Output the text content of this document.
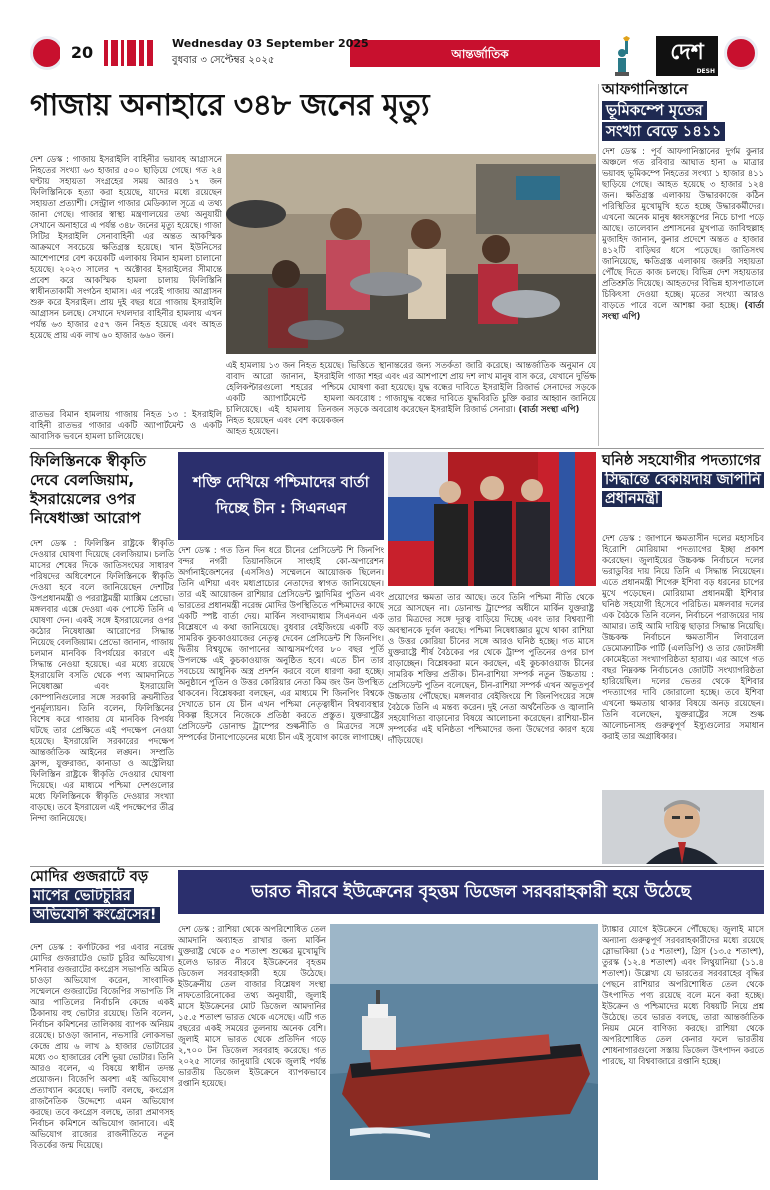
20	Wednesday 03 September 2025
বুধবার ৩ সেপ্টেম্বর ২০২৫	আন্তর্জাতিক	দেশ
DESH
গাজায় অনাহারে ৩৪৮ জনের মৃত্যু
দেশ ডেস্ক : গাজায় ইসরাইলি বাহিনীর ভয়াবহ আগ্রাসনে নিহতের সংখ্যা ৬৩ হাজার ৫০০ ছাড়িয়ে গেছে। গত ২৪ ঘণ্টায় সহায়তা সংগ্রহের সময় আরও ১৭ জন ফিলিস্তিনিকে হত্যা করা হয়েছে, যাদের মধ্যে রয়েছেন সহায়তা প্রত্যাশী। সেন্ট্রাল গাজার মেডিক্যাল সূত্রে এ তথ্য জানা গেছে। গাজার স্বাস্থ্য মন্ত্রণালয়ের তথ্য অনুযায়ী সেখানে অনাহারে এ পর্যন্ত ৩৪৮ জনের মৃত্যু হয়েছে। গাজা সিটির ইসরাইলি সেনাবাহিনী এর অন্তত আকস্মিক আক্রমণে সবচেয়ে ক্ষতিগ্রস্ত হয়েছে। খান ইউনিসের আশেপাশের বেশ কয়েকটি এলাকায় বিমান হামলা চালানো হয়েছে। ২০২৩ সালের ৭ অক্টোবর ইসরাইলের সীমান্তে প্রবেশ করে আকস্মিক হামলা চালায় ফিলিস্তিনি স্বাধীনতাকামী সংগঠন হামাস। এর পরেই গাজায় আগ্রাসন শুরু করে ইসরাইল। প্রায় দুই বছর ধরে গাজায় ইসরাইলি আগ্রাসন চলছে। সেখানে দখলদার বাহিনীর হামলায় এখন পর্যন্ত ৬৩ হাজার ৫৫৭ জন নিহত হয়েছে এবং আহত হয়েছে প্রায় এক লাখ ৬০ হাজার ৬৬০ জন।
রাতভর বিমান হামলায় গাজায় নিহত ১৩ : ইসরাইলি বাহিনী রাতভর গাজার একটি অ্যাপার্টমেন্ট ও একটি আবাসিক ভবনে হামলা চালিয়েছে।
এই হামলায় ১৩ জন নিহত হয়েছে। বাবাদ আরো জানান, ইসরাইলি হেলিকপ্টারগুলো শহরের পশ্চিমে একটি অ্যাপার্টমেন্টে হামলা চালিয়েছে। এই হামলায় তিনজন নিহত হয়েছেন এবং বেশ কয়েকজন আহত হয়েছেন।
ভিত্তিতে স্থানান্তরের জন্য সতর্কতা জারি করেছে। আন্তর্জাতিক অনুমান যে গাজা শহর এবং এর আশপাশে প্রায় দশ লাখ মানুষ বাস করে, যেখানে দুর্ভিক্ষ ঘোষণা করা হয়েছে। যুদ্ধ বন্ধের দাবিতে ইসরাইলি রিজার্ভ সেনাদের সড়কে অবরোধ : গাজাযুদ্ধ বন্ধের দাবিতে যুদ্ধবিরতি চুক্তি করার আহ্বান জানিয়ে সড়কে অবরোধ করেছেন ইসরাইলি রিজার্ভ সেনারা। (বার্তা সংস্থা এপি)
আফগানিস্তানে
ভূমিকম্পে মৃতের
সংখ্যা বেড়ে ১৪১১
দেশ ডেস্ক : পূর্ব আফগানিস্তানের দুর্গম কুনার অঞ্চলে গত রবিবার আঘাত হানা ৬ মাত্রার ভয়াবহ ভূমিকম্পে নিহতের সংখ্যা ১ হাজার ৪১১ ছাড়িয়ে গেছে। আহত হয়েছে ৩ হাজার ১২৪ জন। ক্ষতিগ্রস্ত এলাকায় উদ্ধারকাজে কঠিন পরিস্থিতির মুখোমুখি হতে হচ্ছে উদ্ধারকর্মীদের। এখনো অনেক মানুষ ধ্বংসস্তূপের নিচে চাপা পড়ে আছে। তালেবান প্রশাসনের মুখপাত্র জাবিহুল্লাহ মুজাহিদ জানান, কুনার প্রদেশে অন্তত ৫ হাজার ৪১২টি বাড়িঘর ধসে পড়েছে। জাতিসংঘ জানিয়েছে, ক্ষতিগ্রস্ত এলাকায় জরুরি সহায়তা পৌঁছে দিতে কাজ চলছে। বিভিন্ন দেশ সহায়তার প্রতিশ্রুতি দিয়েছে। আহতদের বিভিন্ন হাসপাতালে চিকিৎসা দেওয়া হচ্ছে। মৃতের সংখ্যা আরও বাড়তে পারে বলে আশঙ্কা করা হচ্ছে। (বার্তা সংস্থা এপি)
ফিলিস্তিনকে স্বীকৃতি দেবে বেলজিয়াম, ইসরায়েলের ওপর নিষেধাজ্ঞা আরোপ
দেশ ডেস্ক : ফিলিস্তিন রাষ্ট্রকে স্বীকৃতি দেওয়ার ঘোষণা দিয়েছে বেলজিয়াম। চলতি মাসের শেষের দিকে জাতিসংঘের সাধারণ পরিষদের অধিবেশনে ফিলিস্তিনকে স্বীকৃতি দেওয়া হবে বলে জানিয়েছেন দেশটির উপপ্রধানমন্ত্রী ও পররাষ্ট্রমন্ত্রী ম্যাক্সিম প্রেভো। মঙ্গলবার এক্সে দেওয়া এক পোস্টে তিনি এ ঘোষণা দেন। একই সঙ্গে ইসরায়েলের ওপর কঠোর নিষেধাজ্ঞা আরোপের সিদ্ধান্ত নিয়েছে বেলজিয়াম। প্রেভো জানান, গাজায় চলমান মানবিক বিপর্যয়ের কারণে এই সিদ্ধান্ত নেওয়া হয়েছে। এর মধ্যে রয়েছে ইসরায়েলি বসতি থেকে পণ্য আমদানিতে নিষেধাজ্ঞা এবং ইসরায়েলি কোম্পানিগুলোর সঙ্গে সরকারি ক্রয়নীতির পুনর্মূল্যায়ন। তিনি বলেন, ফিলিস্তিনের বিশেষ করে গাজায় যে মানবিক বিপর্যয় ঘটছে তার প্রেক্ষিতে এই পদক্ষেপ নেওয়া হয়েছে। ইসরায়েলি সরকারের পদক্ষেপ আন্তর্জাতিক আইনের লঙ্ঘন। সম্প্রতি ফ্রান্স, যুক্তরাজ্য, কানাডা ও অস্ট্রেলিয়া ফিলিস্তিন রাষ্ট্রকে স্বীকৃতি দেওয়ার ঘোষণা দিয়েছে। এর মাধ্যমে পশ্চিমা দেশগুলোর মধ্যে ফিলিস্তিনকে স্বীকৃতি দেওয়ার সংখ্যা বাড়ছে। তবে ইসরায়েল এই পদক্ষেপের তীব্র নিন্দা জানিয়েছে।
শক্তি দেখিয়ে পশ্চিমাদের বার্তা
দিচ্ছে চীন : সিএনএন
দেশ ডেস্ক : গত তিন দিন ধরে চীনের প্রেসিডেন্ট শি জিনপিং বন্দর নগরী তিয়ানজিনে সাংহাই কো-অপারেশন অর্গানাইজেশনের (এসসিও) সম্মেলনে আয়োজক ছিলেন। তিনি এশিয়া এবং মধ্যপ্রাচ্যের নেতাদের স্বাগত জানিয়েছেন। তার এই আয়োজন রাশিয়ার প্রেসিডেন্ট ভ্লাদিমির পুতিন এবং ভারতের প্রধানমন্ত্রী নরেন্দ্র মোদির উপস্থিতিতে পশ্চিমাদের কাছে একটি স্পষ্ট বার্তা দেয়। মার্কিন সংবাদমাধ্যম সিএনএন এক বিশ্লেষণে এ কথা জানিয়েছে। বুধবার বেইজিংয়ে একটি বড় সামরিক কুচকাওয়াজের নেতৃত্ব দেবেন প্রেসিডেন্ট শি জিনপিং। দ্বিতীয় বিশ্বযুদ্ধে জাপানের আত্মসমর্পণের ৮০ বছর পূর্তি উপলক্ষে এই কুচকাওয়াজ অনুষ্ঠিত হবে। এতে চীন তার সবচেয়ে আধুনিক অস্ত্র প্রদর্শন করবে বলে ধারণা করা হচ্ছে। অনুষ্ঠানে পুতিন ও উত্তর কোরিয়ার নেতা কিম জং উন উপস্থিত থাকবেন। বিশ্লেষকরা বলছেন, এর মাধ্যমে শি জিনপিং বিশ্বকে দেখাতে চান যে চীন এখন পশ্চিমা নেতৃত্বাধীন বিশ্বব্যবস্থার বিকল্প হিসেবে নিজেকে প্রতিষ্ঠা করতে প্রস্তুত। যুক্তরাষ্ট্রের প্রেসিডেন্ট ডোনাল্ড ট্রাম্পের শুল্কনীতি ও মিত্রদের সঙ্গে সম্পর্কের টানাপোড়েনের মধ্যে চীন এই সুযোগ কাজে লাগাচ্ছে।
প্রয়োগের ক্ষমতা তার আছে। তবে তিনি পশ্চিমা নীতি থেকে সরে আসছেন না। ডোনাল্ড ট্রাম্পের অধীনে মার্কিন যুক্তরাষ্ট্র তার মিত্রদের সঙ্গে দূরত্ব বাড়িয়ে দিচ্ছে এবং তার বিশ্বব্যাপী অবস্থানকে দুর্বল করছে। পশ্চিমা নিষেধাজ্ঞার মুখে থাকা রাশিয়া ও উত্তর কোরিয়া চীনের সঙ্গে আরও ঘনিষ্ঠ হচ্ছে। গত মাসে যুক্তরাষ্ট্রে শীর্ষ বৈঠকের পর থেকে ট্রাম্প পুতিনের ওপর চাপ বাড়াচ্ছেন। বিশ্লেষকরা মনে করছেন, এই কুচকাওয়াজ চীনের সামরিক শক্তির প্রতীক। চীন-রাশিয়া সম্পর্ক নতুন উচ্চতায় : প্রেসিডেন্ট পুতিন বলেছেন, চীন-রাশিয়া সম্পর্ক এখন অভূতপূর্ব উচ্চতায় পৌঁছেছে। মঙ্গলবার বেইজিংয়ে শি জিনপিংয়ের সঙ্গে বৈঠকে তিনি এ মন্তব্য করেন। দুই নেতা অর্থনৈতিক ও জ্বালানি সহযোগিতা বাড়ানোর বিষয়ে আলোচনা করেছেন। রাশিয়া-চীন সম্পর্কের এই ঘনিষ্ঠতা পশ্চিমাদের জন্য উদ্বেগের কারণ হয়ে দাঁড়িয়েছে।
ঘনিষ্ঠ সহযোগীর পদত্যাগের
সিদ্ধান্তে বেকায়দায় জাপানি
প্রধানমন্ত্রী
দেশ ডেস্ক : জাপানে ক্ষমতাসীন দলের মহাসচিব হিরোশি মোরিয়ামা পদত্যাগের ইচ্ছা প্রকাশ করেছেন। জুলাইয়ের উচ্চকক্ষ নির্বাচনে দলের ভরাডুবির দায় নিয়ে তিনি এ সিদ্ধান্ত নিয়েছেন। এতে প্রধানমন্ত্রী শিগেরু ইশিবা বড় ধরনের চাপের মুখে পড়েছেন। মোরিয়ামা প্রধানমন্ত্রী ইশিবার ঘনিষ্ঠ সহযোগী হিসেবে পরিচিত। মঙ্গলবার দলের এক বৈঠকে তিনি বলেন, নির্বাচনে পরাজয়ের দায় আমার। তাই আমি দায়িত্ব ছাড়ার সিদ্ধান্ত নিয়েছি। উচ্চকক্ষ নির্বাচনে ক্ষমতাসীন লিবারেল ডেমোক্র্যাটিক পার্টি (এলডিপি) ও তার জোটসঙ্গী কোমেইতো সংখ্যাগরিষ্ঠতা হারায়। এর আগে গত বছর নিম্নকক্ষ নির্বাচনেও জোটটি সংখ্যাগরিষ্ঠতা হারিয়েছিল। দলের ভেতর থেকে ইশিবার পদত্যাগের দাবি জোরালো হচ্ছে। তবে ইশিবা এখনো ক্ষমতায় থাকার বিষয়ে অনড় রয়েছেন। তিনি বলেছেন, যুক্তরাষ্ট্রের সঙ্গে শুল্ক আলোচনাসহ গুরুত্বপূর্ণ ইস্যুগুলোর সমাধান করাই তার অগ্রাধিকার।
মোদির গুজরাটে বড়
মাপের ভোটচুরির
অভিযোগ কংগ্রেসের!
দেশ ডেস্ক : কর্ণাটকের পর এবার নরেন্দ্র মোদির গুজরাটেও ভোট চুরির অভিযোগ। শনিবার গুজরাটের কংগ্রেস সভাপতি অমিত চাওড়া অভিযোগ করেন, সাংবাদিক সম্মেলনে গুজরাটের বিজেপির সভাপতি সি আর পাতিলের নির্বাচনি কেন্দ্রে একই ঠিকানায় বহু ভোটার রয়েছে। তিনি বলেন, নির্বাচন কমিশনের তালিকায় ব্যাপক অনিয়ম রয়েছে। চাওড়া জানান, নভসারি লোকসভা কেন্দ্রে প্রায় ৬ লাখ ৯ হাজার ভোটারের মধ্যে ৩০ হাজারের বেশি ভুয়া ভোটার। তিনি আরও বলেন, এ বিষয়ে স্বাধীন তদন্ত প্রয়োজন। বিজেপি অবশ্য এই অভিযোগ প্রত্যাখ্যান করেছে। দলটি বলছে, কংগ্রেস রাজনৈতিক উদ্দেশ্যে এমন অভিযোগ করছে। তবে কংগ্রেস বলছে, তারা প্রমাণসহ নির্বাচন কমিশনে অভিযোগ জানাবে। এই অভিযোগ রাজ্যের রাজনীতিতে নতুন বিতর্কের জন্ম দিয়েছে।
ভারত নীরবে ইউক্রেনের বৃহত্তম ডিজেল সরবরাহকারী হয়ে উঠেছে
দেশ ডেস্ক : রাশিয়া থেকে অপরিশোধিত তেল আমদানি অব্যাহত রাখার জন্য মার্কিন যুক্তরাষ্ট্র থেকে ৫০ শতাংশ শুল্কের মুখোমুখি হলেও ভারত নীরবে ইউক্রেনের বৃহত্তম ডিজেল সরবরাহকারী হয়ে উঠেছে। ইউক্রেনীয় তেল বাজার বিশ্লেষণ সংস্থা নাফতোরিনোকের তথ্য অনুযায়ী, জুলাই মাসে ইউক্রেনের মোট ডিজেল আমদানির ১৫.৫ শতাংশ ভারত থেকে এসেছে। এটি গত বছরের একই সময়ের তুলনায় অনেক বেশি। জুলাই মাসে ভারত থেকে প্রতিদিন গড়ে ২,৭০০ টন ডিজেল সরবরাহ করেছে। গত ২০২৫ সালের জানুয়ারি থেকে জুলাই পর্যন্ত ভারতীয় ডিজেল ইউক্রেনে ব্যাপকভাবে রপ্তানি হয়েছে।
ট্যাঙ্কার যোগে ইউক্রেনে পৌঁছেছে। জুলাই মাসে অন্যান্য গুরুত্বপূর্ণ সরবরাহকারীদের মধ্যে রয়েছে স্লোভাকিয়া (১৫ শতাংশ), গ্রিস (১৩.৫ শতাংশ), তুরস্ক (১২.৪ শতাংশ) এবং লিথুয়ানিয়া (১১.৪ শতাংশ)। উল্লেখ্য যে ভারতের সরবরাহের বৃদ্ধির পেছনে রাশিয়ার অপরিশোধিত তেল থেকে উৎপাদিত পণ্য রয়েছে বলে মনে করা হচ্ছে। ইউক্রেন ও পশ্চিমাদের মধ্যে বিষয়টি নিয়ে প্রশ্ন উঠেছে। তবে ভারত বলছে, তারা আন্তর্জাতিক নিয়ম মেনে বাণিজ্য করছে। রাশিয়া থেকে অপরিশোধিত তেল কেনার ফলে ভারতীয় শোধনাগারগুলো সস্তায় ডিজেল উৎপাদন করতে পারছে, যা বিশ্ববাজারে রপ্তানি হচ্ছে।
